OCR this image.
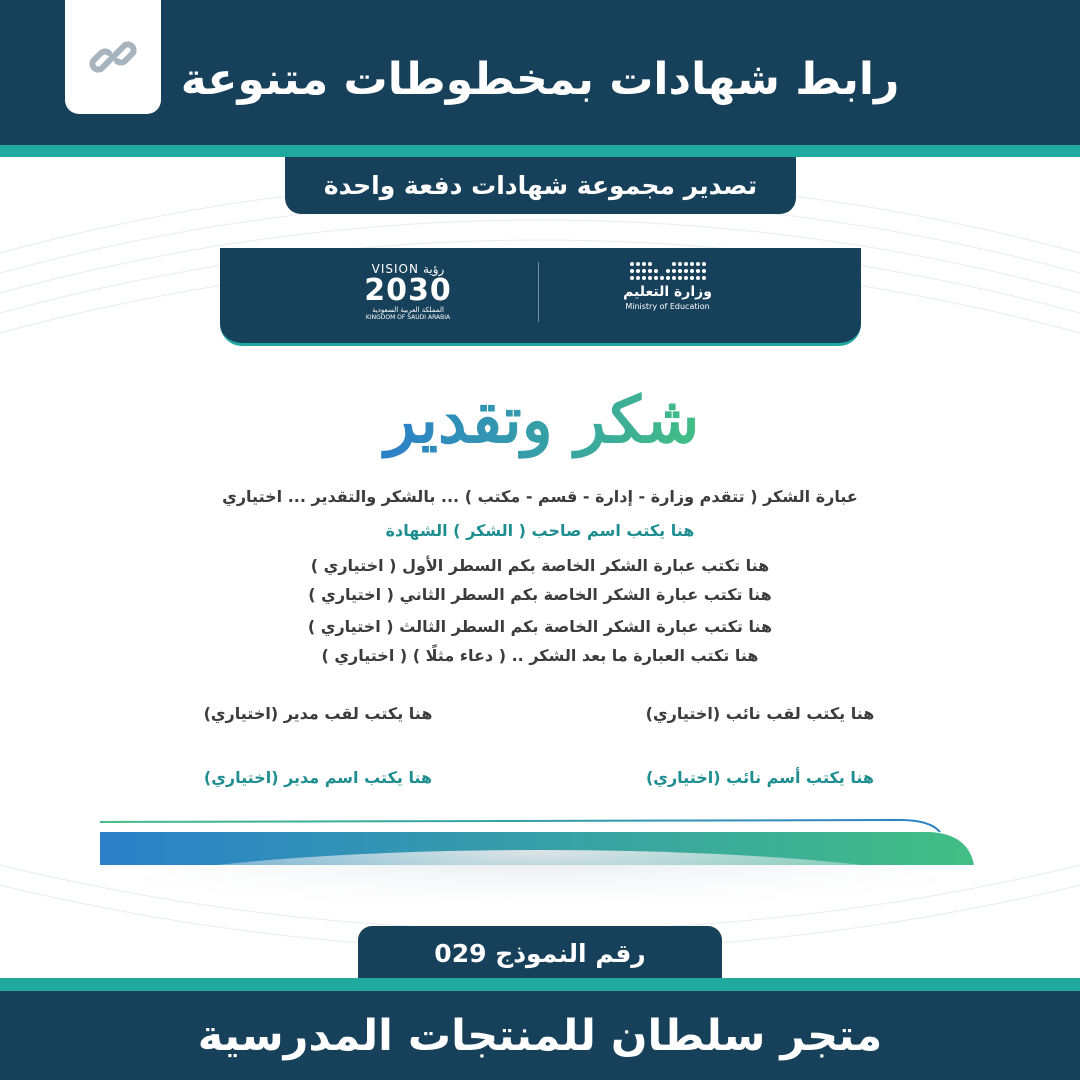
رابط شهادات بمخطوطات متنوعة
تصدير مجموعة شهادات دفعة واحدة
VISION رؤية
2030
المملكة العربية السعودية
KINGDOM OF SAUDI ARABIA
وزارة التعليم
Ministry of Education
شكر وتقدير
عبارة الشكر ( تتقدم وزارة - إدارة - قسم - مكتب ) ... بالشكر والتقدير ... اختياري
هنا يكتب اسم صاحب ( الشكر ) الشهادة
هنا تكتب عبارة الشكر الخاصة بكم السطر الأول ( اختياري )
هنا تكتب عبارة الشكر الخاصة بكم السطر الثاني ( اختياري )
هنا تكتب عبارة الشكر الخاصة بكم السطر الثالث ( اختياري )
هنا تكتب العبارة ما بعد الشكر .. ( دعاء مثلًا ) ( اختياري )
هنا يكتب لقب نائب (اختياري)
هنا يكتب لقب مدير (اختياري)
هنا يكتب أسم نائب (اختياري)
هنا يكتب اسم مدير (اختياري)
رقم النموذج 029
متجر سلطان للمنتجات المدرسية
